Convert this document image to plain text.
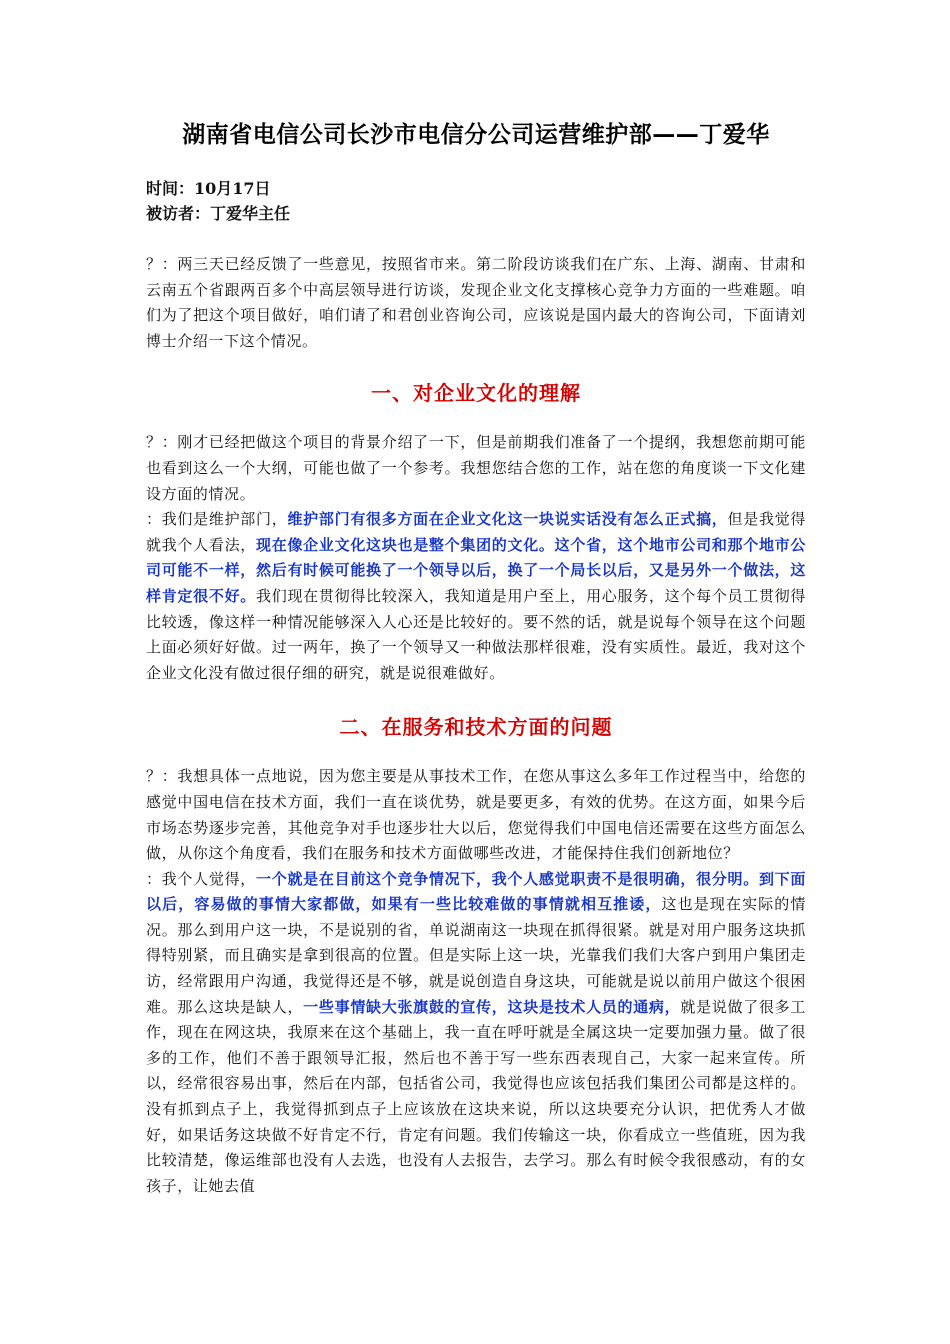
湖南省电信公司长沙市电信分公司运营维护部——丁爱华
时间：10月17日
被访者：丁爱华主任

？：两三天已经反馈了一些意见，按照省市来。第二阶段访谈我们在广东、上海、湖南、甘肃和云南五个省跟两百多个中高层领导进行访谈，发现企业文化支撑核心竞争力方面的一些难题。咱们为了把这个项目做好，咱们请了和君创业咨询公司，应该说是国内最大的咨询公司，下面请刘博士介绍一下这个情况。

一、对企业文化的理解

？：刚才已经把做这个项目的背景介绍了一下，但是前期我们准备了一个提纲，我想您前期可能也看到这么一个大纲，可能也做了一个参考。我想您结合您的工作，站在您的角度谈一下文化建设方面的情况。

：我们是维护部门，维护部门有很多方面在企业文化这一块说实话没有怎么正式搞，但是我觉得就我个人看法，现在像企业文化这块也是整个集团的文化。这个省，这个地市公司和那个地市公司可能不一样，然后有时候可能换了一个领导以后，换了一个局长以后，又是另外一个做法，这样肯定很不好。我们现在贯彻得比较深入，我知道是用户至上，用心服务，这个每个员工贯彻得比较透，像这样一种情况能够深入人心还是比较好的。要不然的话，就是说每个领导在这个问题上面必须好好做。过一两年，换了一个领导又一种做法那样很难，没有实质性。最近，我对这个企业文化没有做过很仔细的研究，就是说很难做好。

二、在服务和技术方面的问题

？：我想具体一点地说，因为您主要是从事技术工作，在您从事这么多年工作过程当中，给您的感觉中国电信在技术方面，我们一直在谈优势，就是要更多，有效的优势。在这方面，如果今后市场态势逐步完善，其他竞争对手也逐步壮大以后，您觉得我们中国电信还需要在这些方面怎么做，从你这个角度看，我们在服务和技术方面做哪些改进，才能保持住我们创新地位？

：我个人觉得，一个就是在目前这个竞争情况下，我个人感觉职责不是很明确，很分明。到下面以后，容易做的事情大家都做，如果有一些比较难做的事情就相互推诿，这也是现在实际的情况。那么到用户这一块，不是说别的省，单说湖南这一块现在抓得很紧。就是对用户服务这块抓得特别紧，而且确实是拿到很高的位置。但是实际上这一块，光靠我们我们大客户到用户集团走访，经常跟用户沟通，我觉得还是不够，就是说创造自身这块，可能就是说以前用户做这个很困难。那么这块是缺人，一些事情缺大张旗鼓的宣传，这块是技术人员的通病，就是说做了很多工作，现在在网这块，我原来在这个基础上，我一直在呼吁就是全属这块一定要加强力量。做了很多的工作，他们不善于跟领导汇报，然后也不善于写一些东西表现自己，大家一起来宣传。所以，经常很容易出事，然后在内部，包括省公司，我觉得也应该包括我们集团公司都是这样的。没有抓到点子上，我觉得抓到点子上应该放在这块来说，所以这块要充分认识，把优秀人才做好，如果话务这块做不好肯定不行，肯定有问题。我们传输这一块，你看成立一些值班，因为我比较清楚，像运维部也没有人去选，也没有人去报告，去学习。那么有时候令我很感动，有的女孩子，让她去值
